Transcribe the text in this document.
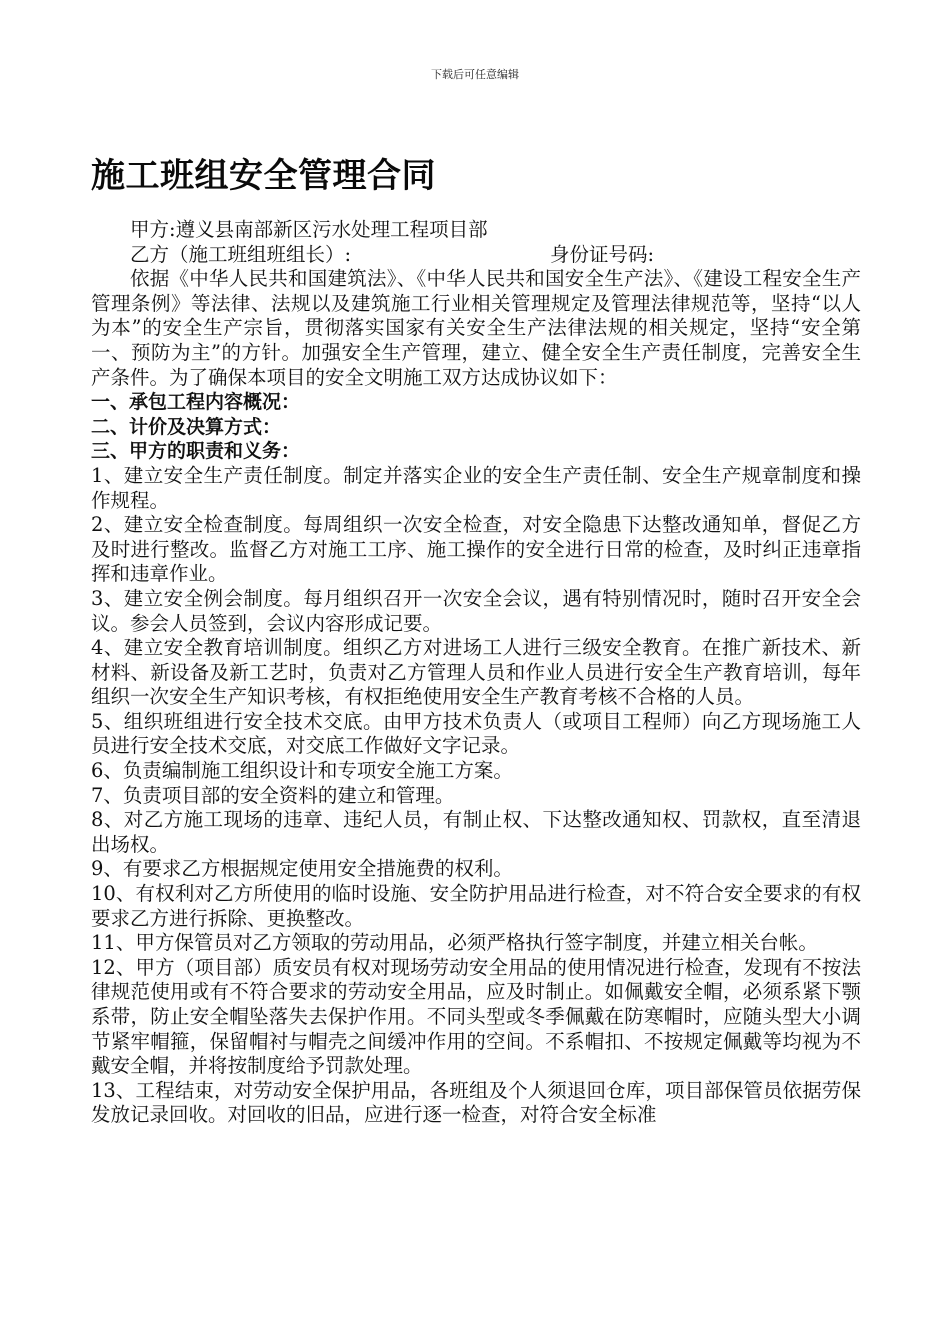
下载后可任意编辑
施工班组安全管理合同

甲方:遵义县南部新区污水处理工程项目部

乙方（施工班组班组长）:	身份证号码:

依据《中华人民共和国建筑法》、《中华人民共和国安全生产法》、《建设工程安全生产管理条例》等法律、法规以及建筑施工行业相关管理规定及管理法律规范等，坚持“以人为本”的安全生产宗旨，贯彻落实国家有关安全生产法律法规的相关规定，坚持“安全第一、预防为主”的方针。加强安全生产管理，建立、健全安全生产责任制度，完善安全生产条件。为了确保本项目的安全文明施工双方达成协议如下：

一、承包工程内容概况：

二、计价及决算方式：

三、甲方的职责和义务：

1、建立安全生产责任制度。制定并落实企业的安全生产责任制、安全生产规章制度和操作规程。

2、建立安全检查制度。每周组织一次安全检查，对安全隐患下达整改通知单，督促乙方及时进行整改。监督乙方对施工工序、施工操作的安全进行日常的检查，及时纠正违章指挥和违章作业。

3、建立安全例会制度。每月组织召开一次安全会议，遇有特别情况时，随时召开安全会议。参会人员签到，会议内容形成记要。

4、建立安全教育培训制度。组织乙方对进场工人进行三级安全教育。在推广新技术、新材料、新设备及新工艺时，负责对乙方管理人员和作业人员进行安全生产教育培训，每年组织一次安全生产知识考核，有权拒绝使用安全生产教育考核不合格的人员。

5、组织班组进行安全技术交底。由甲方技术负责人（或项目工程师）向乙方现场施工人员进行安全技术交底，对交底工作做好文字记录。

6、负责编制施工组织设计和专项安全施工方案。

7、负责项目部的安全资料的建立和管理。

8、对乙方施工现场的违章、违纪人员，有制止权、下达整改通知权、罚款权，直至清退出场权。

9、有要求乙方根据规定使用安全措施费的权利。

10、有权利对乙方所使用的临时设施、安全防护用品进行检查，对不符合安全要求的有权要求乙方进行拆除、更换整改。

11、甲方保管员对乙方领取的劳动用品，必须严格执行签字制度，并建立相关台帐。

12、甲方（项目部）质安员有权对现场劳动安全用品的使用情况进行检查，发现有不按法律规范使用或有不符合要求的劳动安全用品，应及时制止。如佩戴安全帽，必须系紧下颚系带，防止安全帽坠落失去保护作用。不同头型或冬季佩戴在防寒帽时，应随头型大小调节紧牢帽箍，保留帽衬与帽壳之间缓冲作用的空间。不系帽扣、不按规定佩戴等均视为不戴安全帽，并将按制度给予罚款处理。

13、工程结束，对劳动安全保护用品，各班组及个人须退回仓库，项目部保管员依据劳保发放记录回收。对回收的旧品，应进行逐一检查，对符合安全标准
